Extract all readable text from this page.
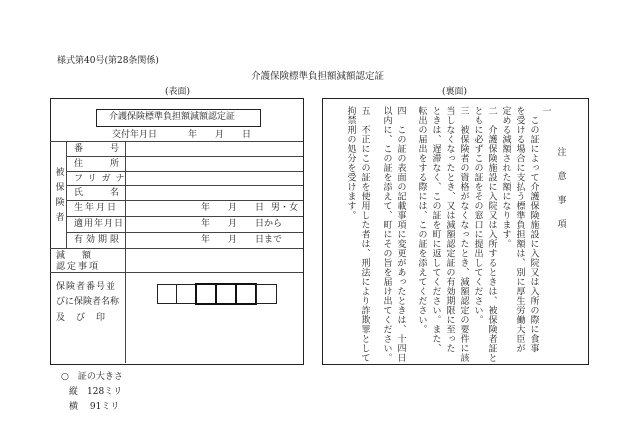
様式第40号(第28条関係)
介護保険標準負担額減額認定証
(表面)	(裏面)
介護保険標準負担額減額認定証
交付年月日	年　　月　　日
被保険者
番　　　号
住　　　所
フリガナ
氏　　　名
生年月日
適用年月日
有効期限
年　　月　　日 男・女
年　　月　　日から
年　　月　　日まで
減　額
認定事項
保険者番号並
びに保険者名称
及　び　印
注　意　事　項
一
　この証によって介護保険施設に入院又は入所の際に食事
を受ける場合に支払う標準負担額は、別に厚生労働大臣が
定める減額された額になります。
二　介護保険施設に入院又は入所するときは、被保険者証と
ともに必ずこの証をその窓口に提出してください。
三　被保険者の資格がなくなったとき、減額認定の要件に該
当しなくなったとき、又は減額認定証の有効期限に至った
ときは、遅滞なく、この証を町に返してください。また、
転出の届出をする際には、この証を添えてください。
四　この証の表面の記載事項に変更があったときは、十四日
以内に、この証を添えて、町にその旨を届け出てください。
五　不正にこの証を使用した者は、刑法により詐欺罪として
拘禁刑の処分を受けます。
○　証の大きさ
縦　128ミリ
横　 91ミリ
